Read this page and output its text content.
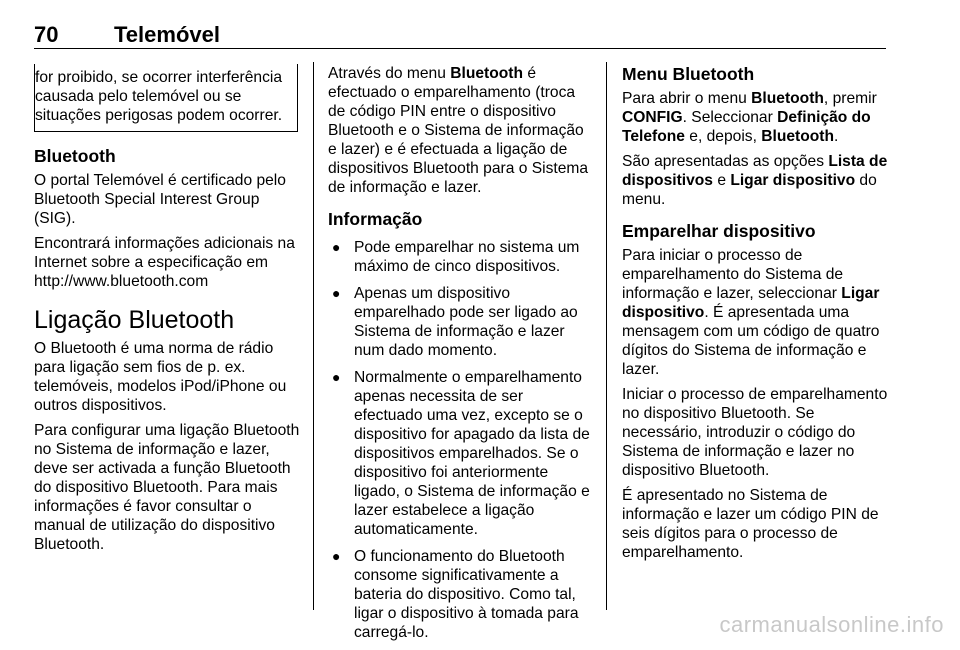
70	Telemóvel

for proibido, se ocorrer interferência causada pelo telemóvel ou se situações perigosas podem ocorrer.

Bluetooth

O portal Telemóvel é certificado pelo Bluetooth Special Interest Group (SIG).

Encontrará informações adicionais na Internet sobre a especificação em http://www.bluetooth.com

Ligação Bluetooth

O Bluetooth é uma norma de rádio para ligação sem fios de p. ex. telemóveis, modelos iPod/iPhone ou outros dispositivos.

Para configurar uma ligação Bluetooth no Sistema de informação e lazer, deve ser activada a função Bluetooth do dispositivo Bluetooth. Para mais informações é favor consultar o manual de utilização do dispositivo Bluetooth.

Através do menu Bluetooth é efectuado o emparelhamento (troca de código PIN entre o dispositivo Bluetooth e o Sistema de informação e lazer) e é efectuada a ligação de dispositivos Bluetooth para o Sistema de informação e lazer.

Informação
● Pode emparelhar no sistema um máximo de cinco dispositivos.
● Apenas um dispositivo emparelhado pode ser ligado ao Sistema de informação e lazer num dado momento.
● Normalmente o emparelhamento apenas necessita de ser efectuado uma vez, excepto se o dispositivo for apagado da lista de dispositivos emparelhados. Se o dispositivo foi anteriormente ligado, o Sistema de informação e lazer estabelece a ligação automaticamente.
● O funcionamento do Bluetooth consome significativamente a bateria do dispositivo. Como tal, ligar o dispositivo à tomada para carregá-lo.
Menu Bluetooth

Para abrir o menu Bluetooth, premir CONFIG. Seleccionar Definição do Telefone e, depois, Bluetooth.

São apresentadas as opções Lista de dispositivos e Ligar dispositivo do menu.

Emparelhar dispositivo

Para iniciar o processo de emparelhamento do Sistema de informação e lazer, seleccionar Ligar dispositivo. É apresentada uma mensagem com um código de quatro dígitos do Sistema de informação e lazer.

Iniciar o processo de emparelhamento no dispositivo Bluetooth. Se necessário, introduzir o código do Sistema de informação e lazer no dispositivo Bluetooth.

É apresentado no Sistema de informação e lazer um código PIN de seis dígitos para o processo de emparelhamento.

carmanualsonline.info
